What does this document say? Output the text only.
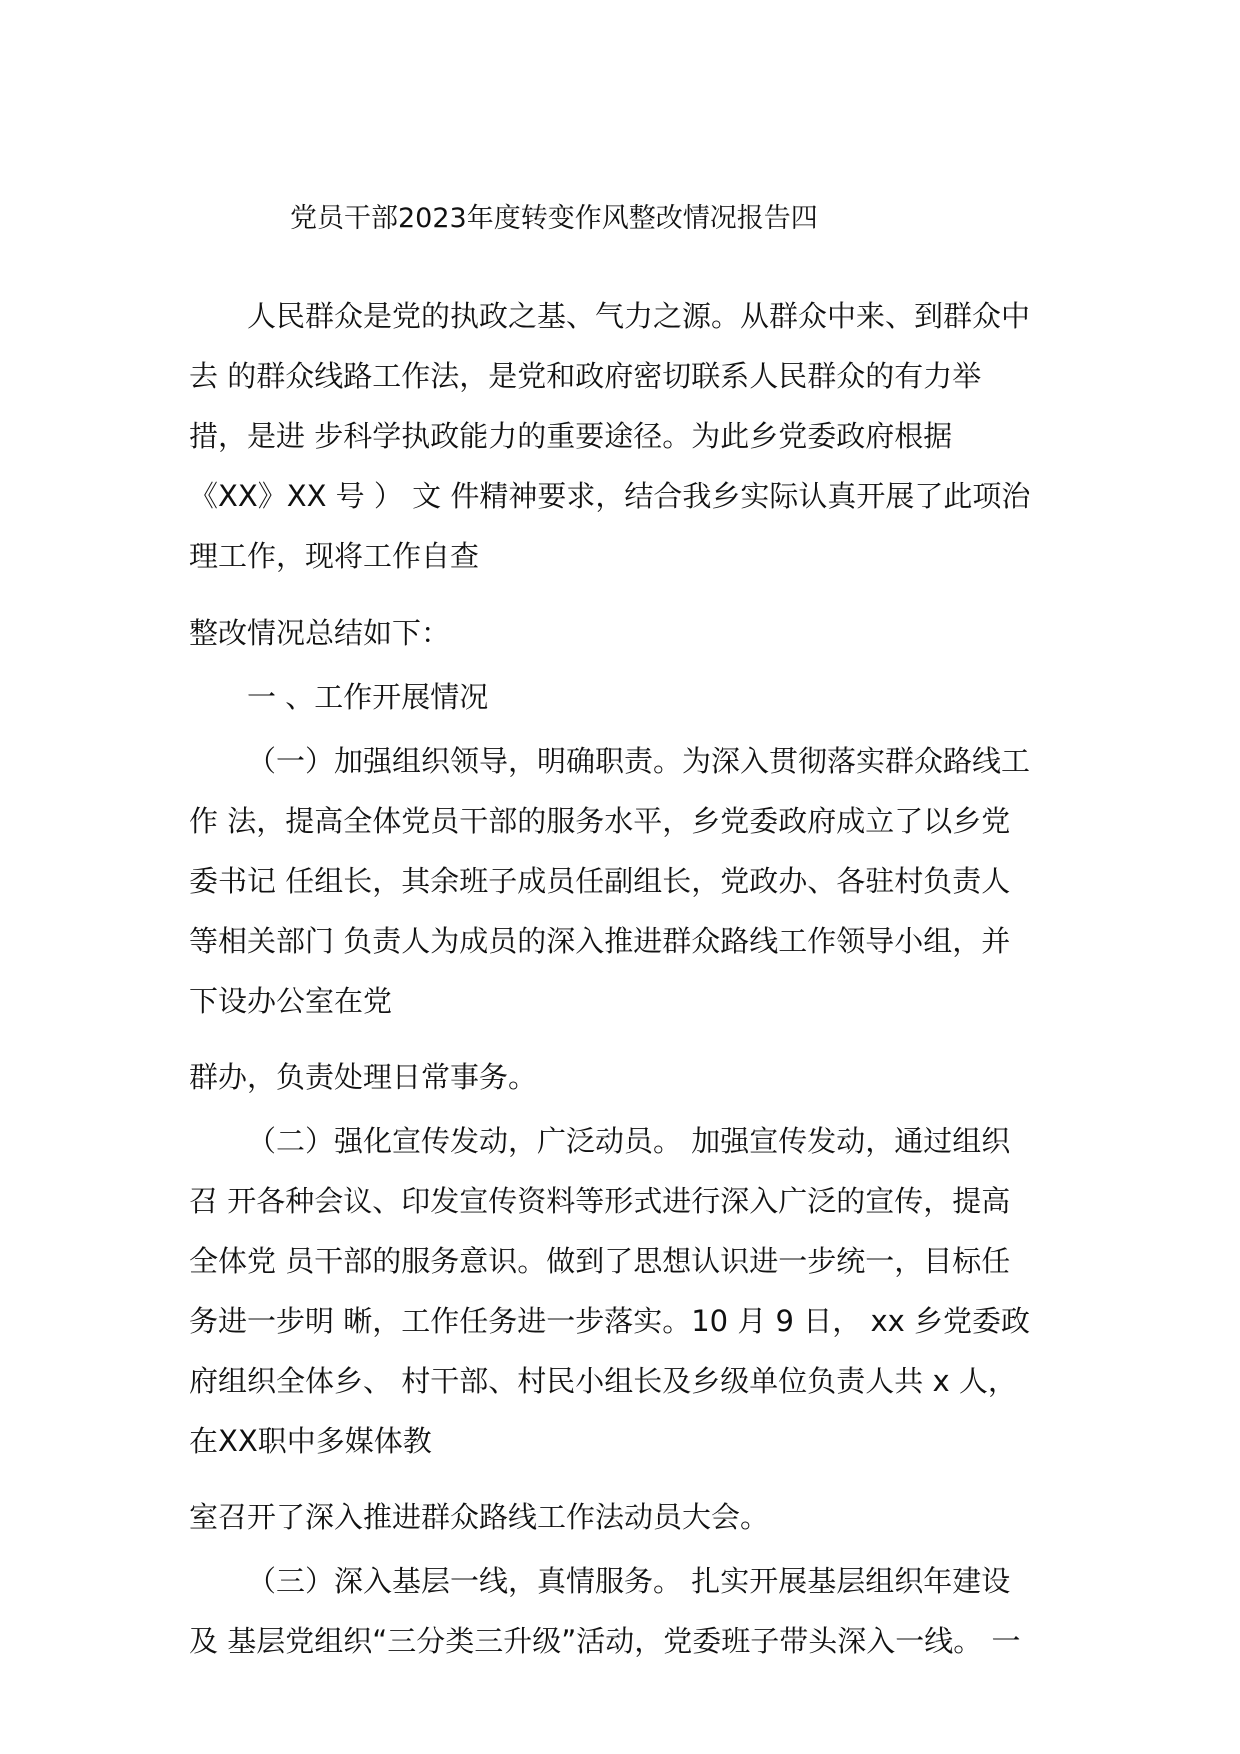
党员干部2023年度转变作风整改情况报告四
人民群众是党的执政之基、气力之源。从群众中来、到群众中
去 的群众线路工作法，是党和政府密切联系人民群众的有力举
措，是进 步科学执政能力的重要途径。为此乡党委政府根据
《XX》XX 号 ） 文 件精神要求，结合我乡实际认真开展了此项治
理工作，现将工作自查
整改情况总结如下：
一 、工作开展情况
（一）加强组织领导，明确职责。为深入贯彻落实群众路线工
作 法，提高全体党员干部的服务水平，乡党委政府成立了以乡党
委书记 任组长，其余班子成员任副组长，党政办、各驻村负责人
等相关部门 负责人为成员的深入推进群众路线工作领导小组，并
下设办公室在党
群办，负责处理日常事务。
（二）强化宣传发动，广泛动员。 加强宣传发动，通过组织
召 开各种会议、印发宣传资料等形式进行深入广泛的宣传，提高
全体党 员干部的服务意识。做到了思想认识进一步统一，目标任
务进一步明 晰，工作任务进一步落实。10 月 9 日， xx 乡党委政
府组织全体乡、 村干部、村民小组长及乡级单位负责人共 x 人，
在XX职中多媒体教
室召开了深入推进群众路线工作法动员大会。
（三）深入基层一线，真情服务。 扎实开展基层组织年建设
及 基层党组织“三分类三升级”活动，党委班子带头深入一线。 一
